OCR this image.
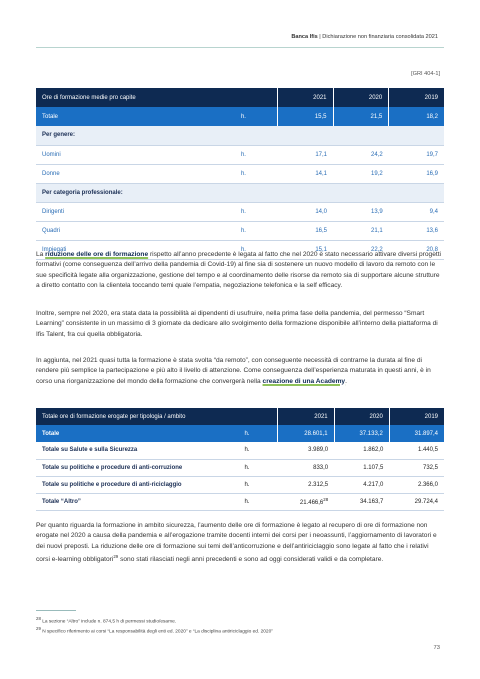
Banca Ifis | Dichiarazione non finanziaria consolidata 2021
[GRI 404-1]
Ore di formazione medie pro capite		2021	2020	2019
Totale	h.	15,5	21,5	18,2
Per genere:				
Uomini	h.	17,1	24,2	19,7
Donne	h.	14,1	19,2	16,9
Per categoria professionale:				
Dirigenti	h.	14,0	13,9	9,4
Quadri	h.	16,5	21,1	13,6
Impiegati	h.	15,1	22,2	20,8

La riduzione delle ore di formazione rispetto all’anno precedente è legata al fatto che nel 2020 è stato necessario attivare diversi progetti formativi (come conseguenza dell’arrivo della pandemia di Covid-19) al fine sia di sostenere un nuovo modello di lavoro da remoto con le sue specificità legate alla organizzazione, gestione del tempo e al coordinamento delle risorse da remoto sia di supportare alcune strutture a diretto contatto con la clientela toccando temi quale l’empatia, negoziazione telefonica e la self efficacy.

Inoltre, sempre nel 2020, era stata data la possibilità ai dipendenti di usufruire, nella prima fase della pandemia, del permesso “Smart Learning” consistente in un massimo di 3 giornate da dedicare allo svolgimento della formazione disponibile all’interno della piattaforma di Ifis Talent, fra cui quella obbligatoria.

In aggiunta, nel 2021 quasi tutta la formazione è stata svolta “da remoto”, con conseguente necessità di contrarne la durata al fine di rendere più semplice la partecipazione e più alto il livello di attenzione. Come conseguenza dell’esperienza maturata in questi anni, è in corso una riorganizzazione del mondo della formazione che convergerà nella creazione di una Academy.

Totale ore di formazione erogate per tipologia / ambito		2021	2020	2019
Totale	h.	28.601,1	37.133,2	31.897,4
Totale su Salute e sulla Sicurezza	h.	3.989,0	1.862,0	1.440,5
Totale su politiche e procedure di anti-corruzione	h.	833,0	1.107,5	732,5
Totale su politiche e procedure di anti-riciclaggio	h.	2.312,5	4.217,0	2.366,0
Totale “Altro”	h.	21.466,6$^{28}$	34.163,7	29.724,4

Per quanto riguarda la formazione in ambito sicurezza, l’aumento delle ore di formazione è legato al recupero di ore di formazione non erogate nel 2020 a causa della pandemia e all’erogazione tramite docenti interni dei corsi per i neoassunti, l’aggiornamento di lavoratori e dei nuovi preposti. La riduzione delle ore di formazione sui temi dell’anticorruzione e dell’antiriciclaggio sono legate al fatto che i relativi corsi e-learning obbligatori$^{29}$ sono stati rilasciati negli anni precedenti e sono ad oggi considerati validi e da completare.

$^{28}$ La sezione “Altro” include n. 874,5 h di permessi studio/esame.
$^{29}$ N specifico riferimento ai corsi “La responsabilità degli enti ed. 2020” e “La disciplina antiriciclaggio ed. 2020”
73
